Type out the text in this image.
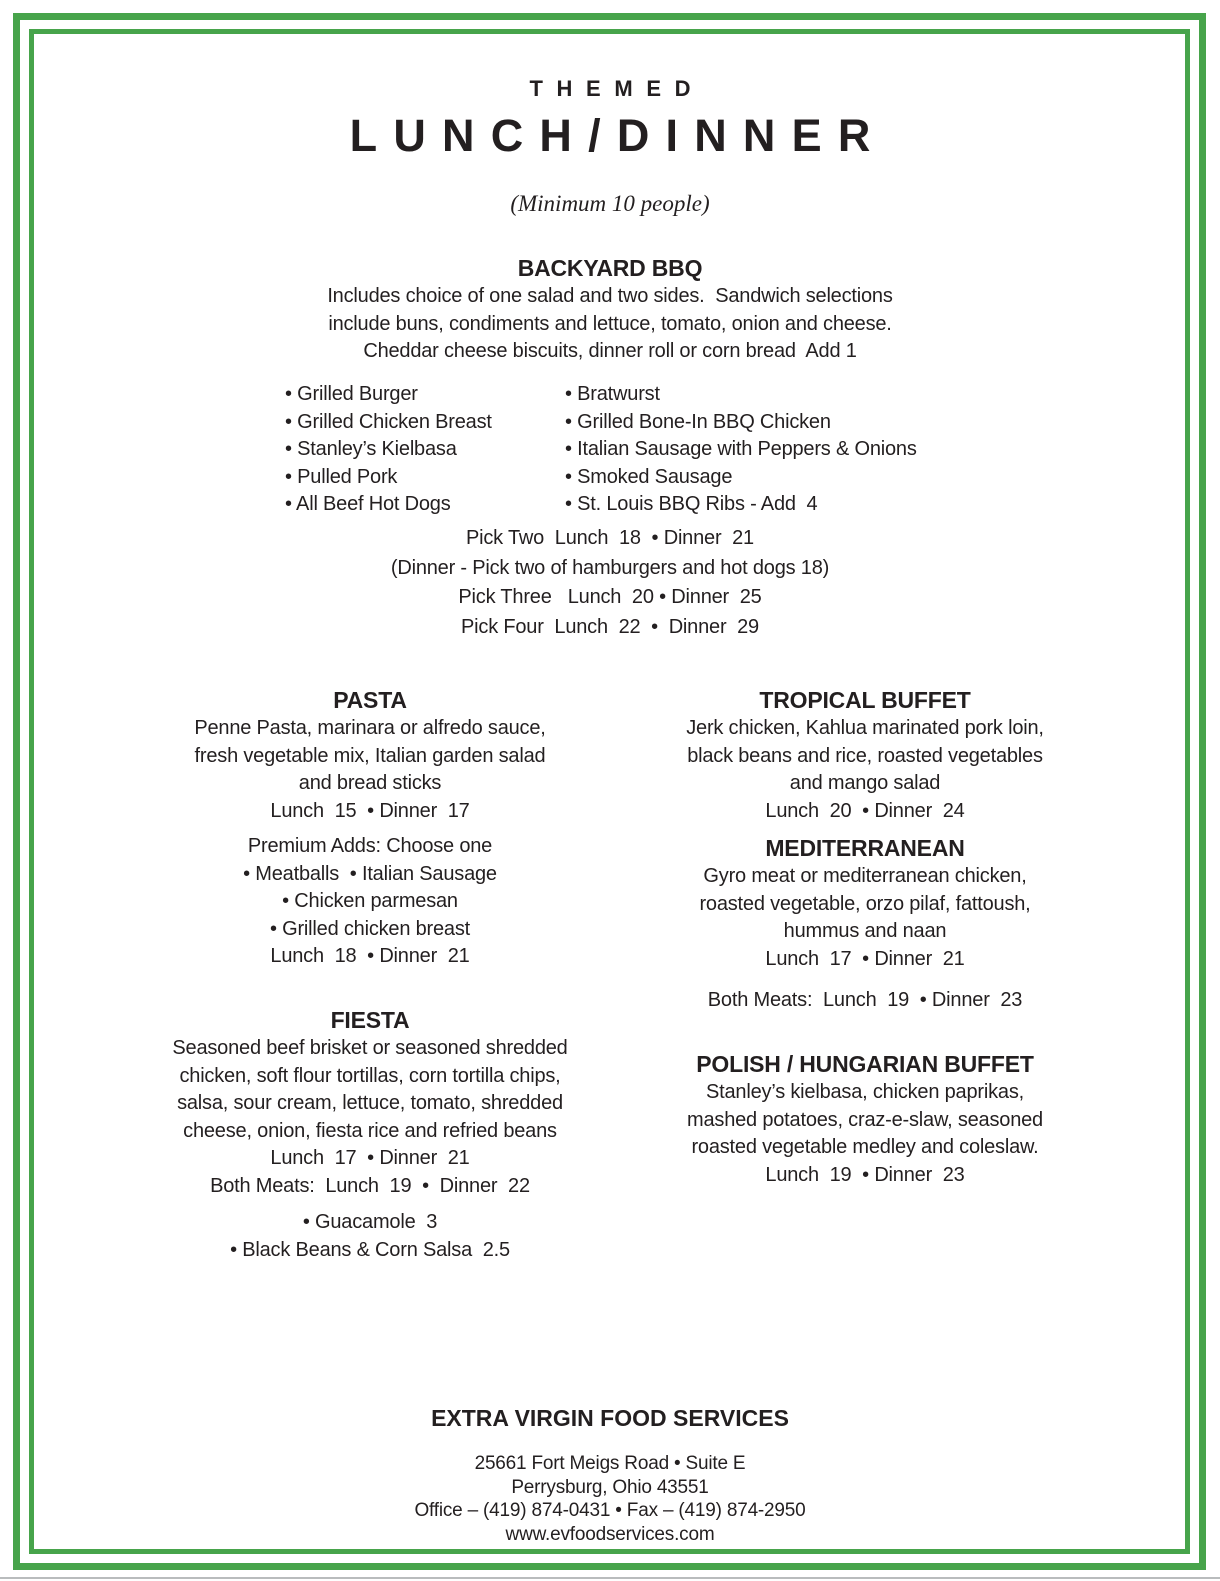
THEMED
LUNCH/DINNER
(Minimum 10 people)
BACKYARD BBQ
Includes choice of one salad and two sides.  Sandwich selections
include buns, condiments and lettuce, tomato, onion and cheese.
Cheddar cheese biscuits, dinner roll or corn bread  Add 1
• Grilled Burger
• Grilled Chicken Breast
• Stanley’s Kielbasa
• Pulled Pork
• All Beef Hot Dogs
• Bratwurst
• Grilled Bone-In BBQ Chicken
• Italian Sausage with Peppers & Onions
• Smoked Sausage
• St. Louis BBQ Ribs - Add  4
Pick Two  Lunch  18  • Dinner  21
(Dinner - Pick two of hamburgers and hot dogs 18)
Pick Three   Lunch  20 • Dinner  25
Pick Four  Lunch  22  •  Dinner  29
PASTA
Penne Pasta, marinara or alfredo sauce,
fresh vegetable mix, Italian garden salad
and bread sticks
Lunch  15  • Dinner  17
Premium Adds: Choose one
• Meatballs  • Italian Sausage
• Chicken parmesan
• Grilled chicken breast
Lunch  18  • Dinner  21
FIESTA
Seasoned beef brisket or seasoned shredded
chicken, soft flour tortillas, corn tortilla chips,
salsa, sour cream, lettuce, tomato, shredded
cheese, onion, fiesta rice and refried beans
Lunch  17  • Dinner  21
Both Meats:  Lunch  19  •  Dinner  22
• Guacamole  3
• Black Beans & Corn Salsa  2.5
TROPICAL BUFFET
Jerk chicken, Kahlua marinated pork loin,
black beans and rice, roasted vegetables
and mango salad
Lunch  20  • Dinner  24
MEDITERRANEAN
Gyro meat or mediterranean chicken,
roasted vegetable, orzo pilaf, fattoush,
hummus and naan
Lunch  17  • Dinner  21
Both Meats:  Lunch  19  • Dinner  23
POLISH / HUNGARIAN BUFFET
Stanley’s kielbasa, chicken paprikas,
mashed potatoes, craz-e-slaw, seasoned
roasted vegetable medley and coleslaw.
Lunch  19  • Dinner  23
EXTRA VIRGIN FOOD SERVICES
25661 Fort Meigs Road • Suite E
Perrysburg, Ohio 43551
Office – (419) 874-0431 • Fax – (419) 874-2950
www.evfoodservices.com
